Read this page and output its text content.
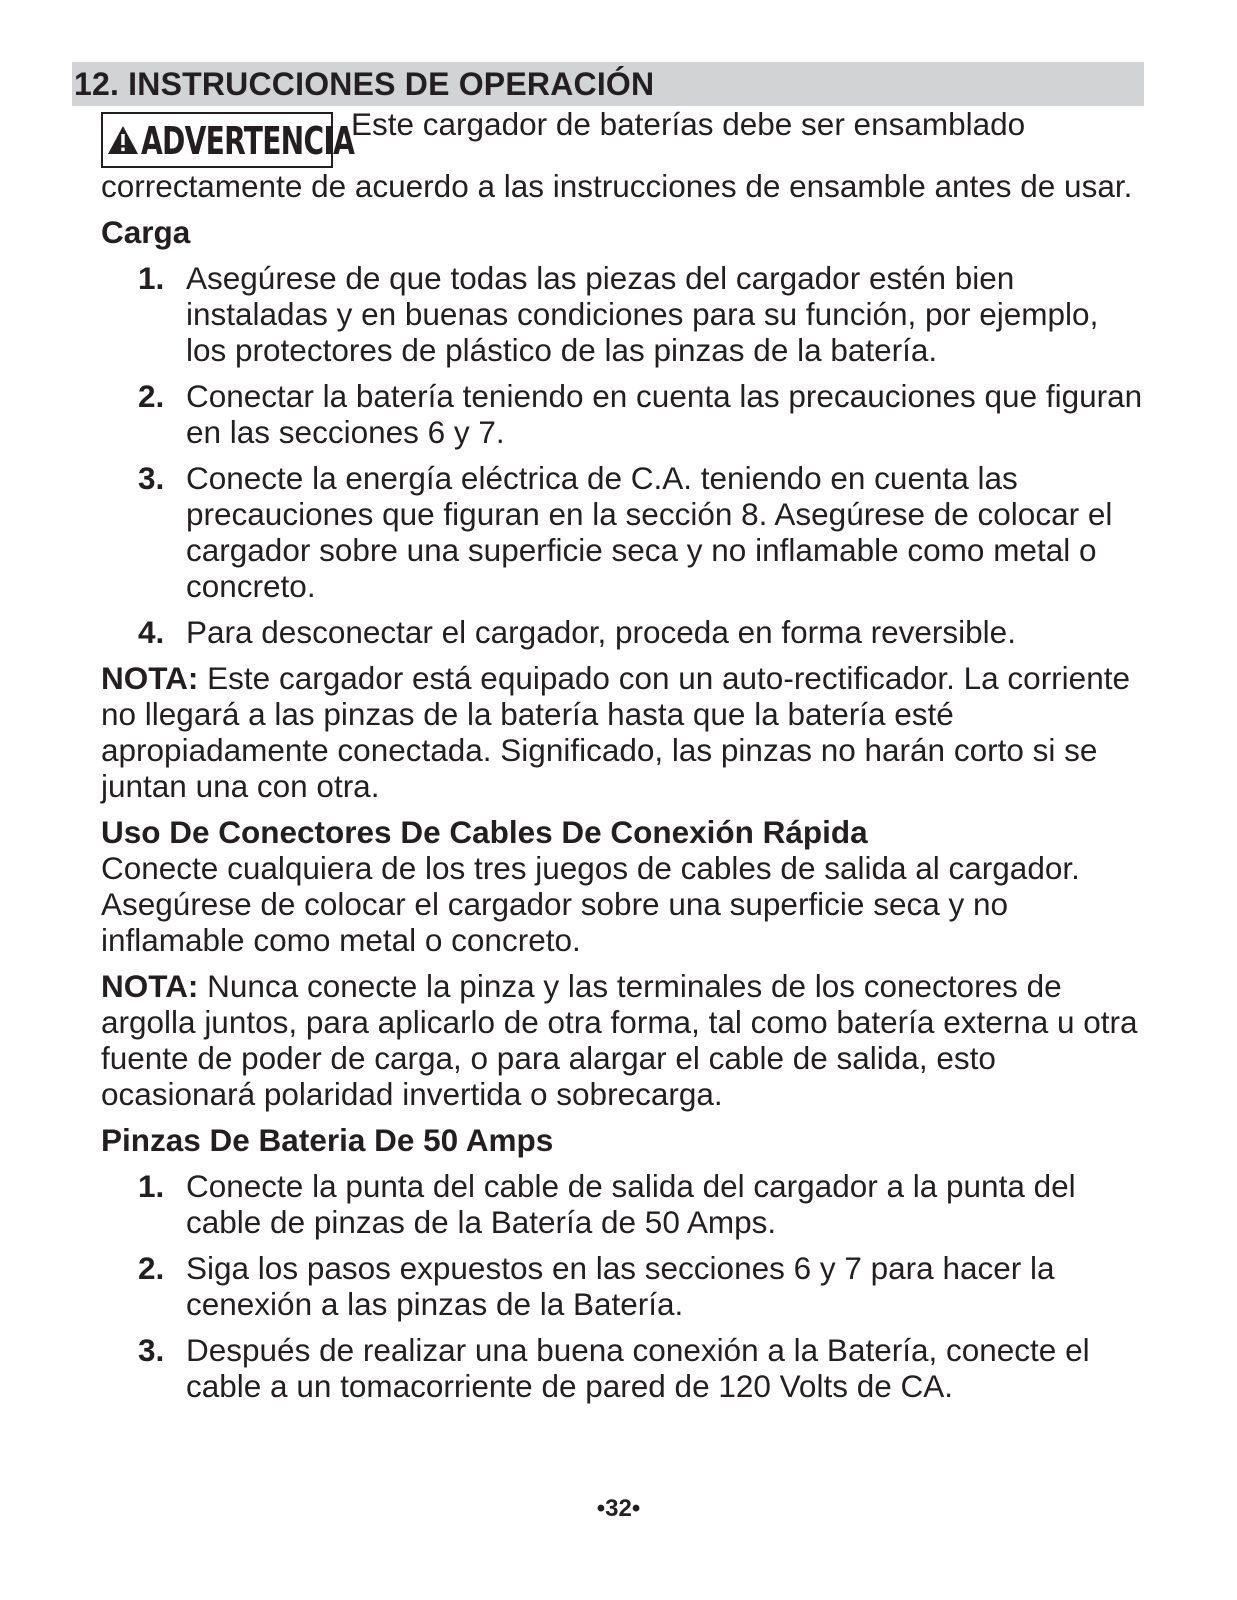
12. INSTRUCCIONES DE OPERACIÓN

ADVERTENCIAEste cargador de baterías debe ser ensamblado correctamente de acuerdo a las instrucciones de ensamble antes de usar.

Carga

1. Asegúrese de que todas las piezas del cargador estén bien instaladas y en buenas condiciones para su función, por ejemplo, los protectores de plástico de las pinzas de la batería.
2. Conectar la batería teniendo en cuenta las precauciones que figuran en las secciones 6 y 7.
3. Conecte la energía eléctrica de C.A. teniendo en cuenta las precauciones que figuran en la sección 8. Asegúrese de colocar el cargador sobre una superficie seca y no inflamable como metal o concreto.
4. Para desconectar el cargador, proceda en forma reversible.

NOTA: Este cargador está equipado con un auto-rectificador. La corriente no llegará a las pinzas de la batería hasta que la batería esté apropiadamente conectada. Significado, las pinzas no harán corto si se juntan una con otra.

Uso De Conectores De Cables De Conexión Rápida

Conecte cualquiera de los tres juegos de cables de salida al cargador. Asegúrese de colocar el cargador sobre una superficie seca y no inflamable como metal o concreto.

NOTA: Nunca conecte la pinza y las terminales de los conectores de argolla juntos, para aplicarlo de otra forma, tal como batería externa u otra fuente de poder de carga, o para alargar el cable de salida, esto ocasionará polaridad invertida o sobrecarga.

Pinzas De Bateria De 50 Amps

1. Conecte la punta del cable de salida del cargador a la punta del cable de pinzas de la Batería de 50 Amps.
2. Siga los pasos expuestos en las secciones 6 y 7 para hacer la cenexión a las pinzas de la Batería.
3. Después de realizar una buena conexión a la Batería, conecte el cable a un tomacorriente de pared de 120 Volts de CA.
•32•
